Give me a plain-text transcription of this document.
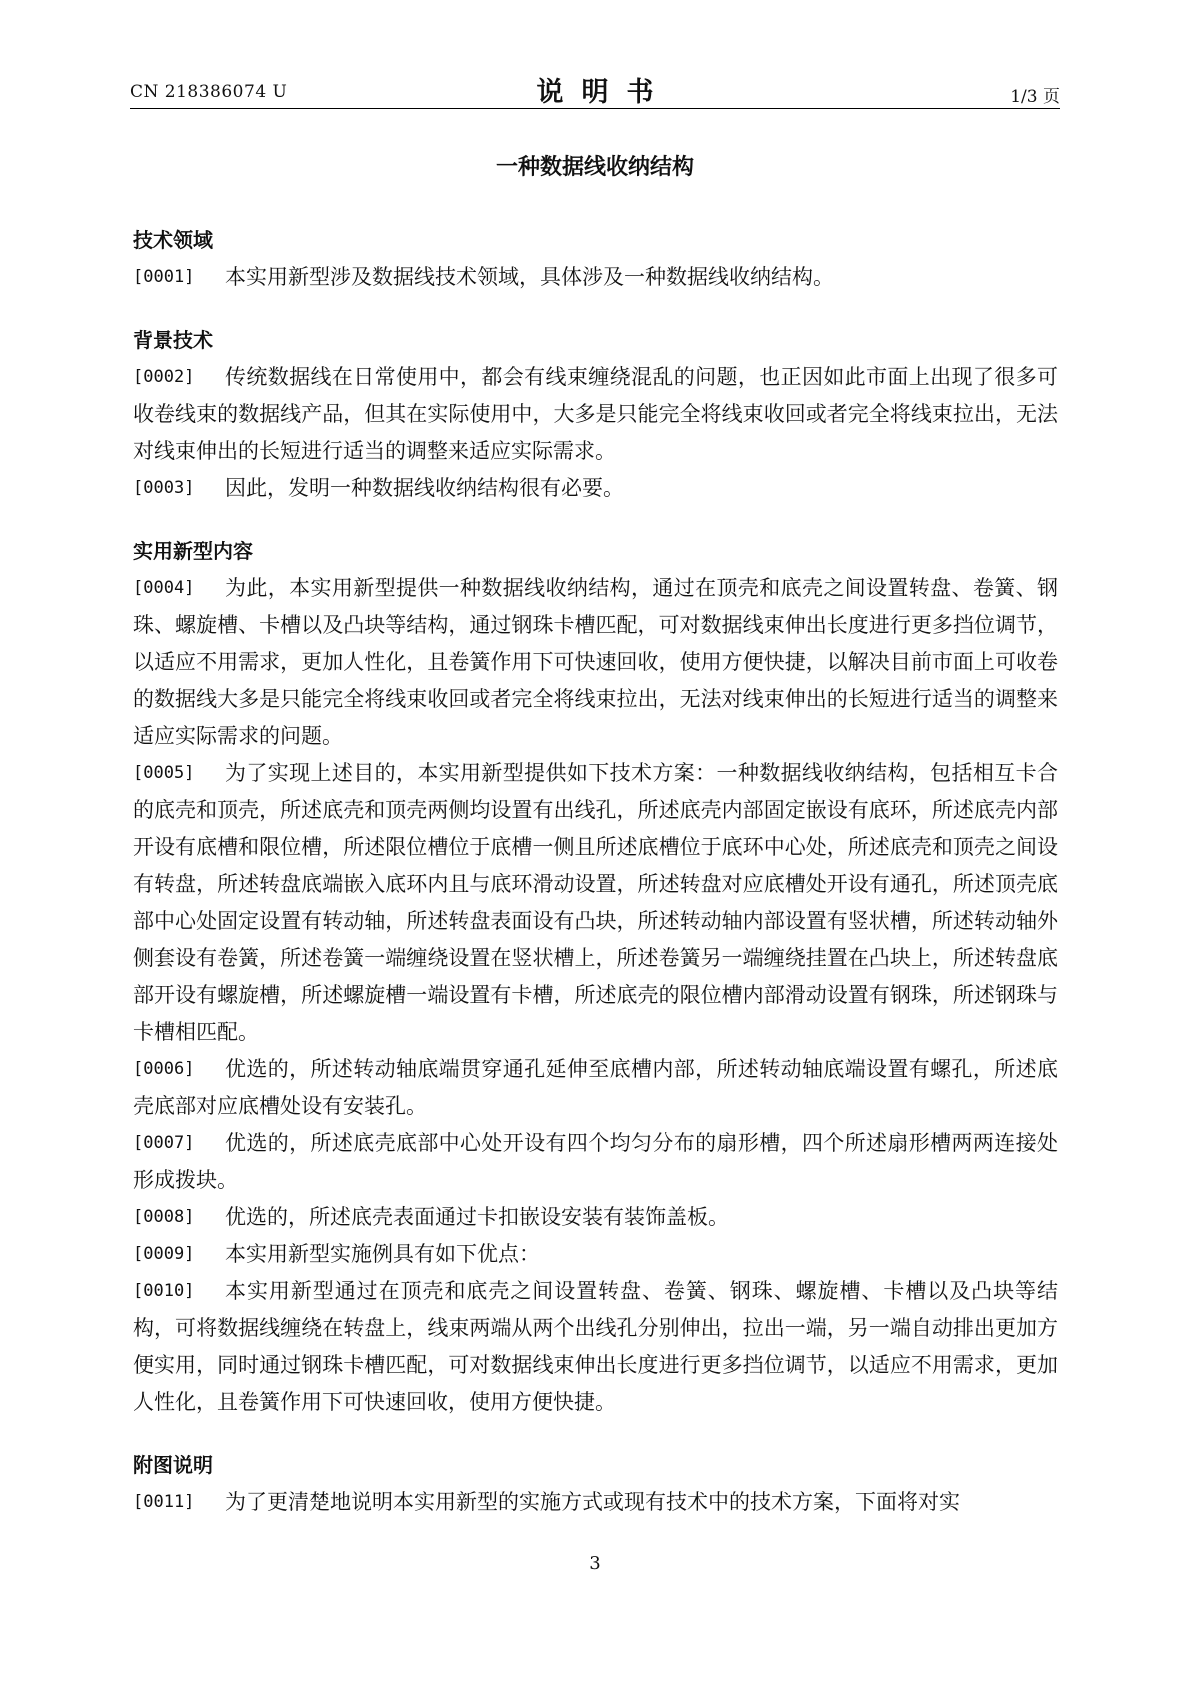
CN 218386074 U	说明书	1/3 页
一种数据线收纳结构
技术领域
[0001] 本实用新型涉及数据线技术领域，具体涉及一种数据线收纳结构。
背景技术
[0002] 传统数据线在日常使用中，都会有线束缠绕混乱的问题，也正因如此市面上出现了很多可收卷线束的数据线产品，但其在实际使用中，大多是只能完全将线束收回或者完全将线束拉出，无法对线束伸出的长短进行适当的调整来适应实际需求。
[0003] 因此，发明一种数据线收纳结构很有必要。
实用新型内容
[0004] 为此，本实用新型提供一种数据线收纳结构，通过在顶壳和底壳之间设置转盘、卷簧、钢珠、螺旋槽、卡槽以及凸块等结构，通过钢珠卡槽匹配，可对数据线束伸出长度进行更多挡位调节，以适应不用需求，更加人性化，且卷簧作用下可快速回收，使用方便快捷，以解决目前市面上可收卷的数据线大多是只能完全将线束收回或者完全将线束拉出，无法对线束伸出的长短进行适当的调整来适应实际需求的问题。
[0005] 为了实现上述目的，本实用新型提供如下技术方案：一种数据线收纳结构，包括相互卡合的底壳和顶壳，所述底壳和顶壳两侧均设置有出线孔，所述底壳内部固定嵌设有底环，所述底壳内部开设有底槽和限位槽，所述限位槽位于底槽一侧且所述底槽位于底环中心处，所述底壳和顶壳之间设有转盘，所述转盘底端嵌入底环内且与底环滑动设置，所述转盘对应底槽处开设有通孔，所述顶壳底部中心处固定设置有转动轴，所述转盘表面设有凸块，所述转动轴内部设置有竖状槽，所述转动轴外侧套设有卷簧，所述卷簧一端缠绕设置在竖状槽上，所述卷簧另一端缠绕挂置在凸块上，所述转盘底部开设有螺旋槽，所述螺旋槽一端设置有卡槽，所述底壳的限位槽内部滑动设置有钢珠，所述钢珠与卡槽相匹配。
[0006] 优选的，所述转动轴底端贯穿通孔延伸至底槽内部，所述转动轴底端设置有螺孔，所述底壳底部对应底槽处设有安装孔。
[0007] 优选的，所述底壳底部中心处开设有四个均匀分布的扇形槽，四个所述扇形槽两两连接处形成拨块。
[0008] 优选的，所述底壳表面通过卡扣嵌设安装有装饰盖板。
[0009] 本实用新型实施例具有如下优点：
[0010] 本实用新型通过在顶壳和底壳之间设置转盘、卷簧、钢珠、螺旋槽、卡槽以及凸块等结构，可将数据线缠绕在转盘上，线束两端从两个出线孔分别伸出，拉出一端，另一端自动排出更加方便实用，同时通过钢珠卡槽匹配，可对数据线束伸出长度进行更多挡位调节，以适应不用需求，更加人性化，且卷簧作用下可快速回收，使用方便快捷。
附图说明
[0011] 为了更清楚地说明本实用新型的实施方式或现有技术中的技术方案，下面将对实
3
